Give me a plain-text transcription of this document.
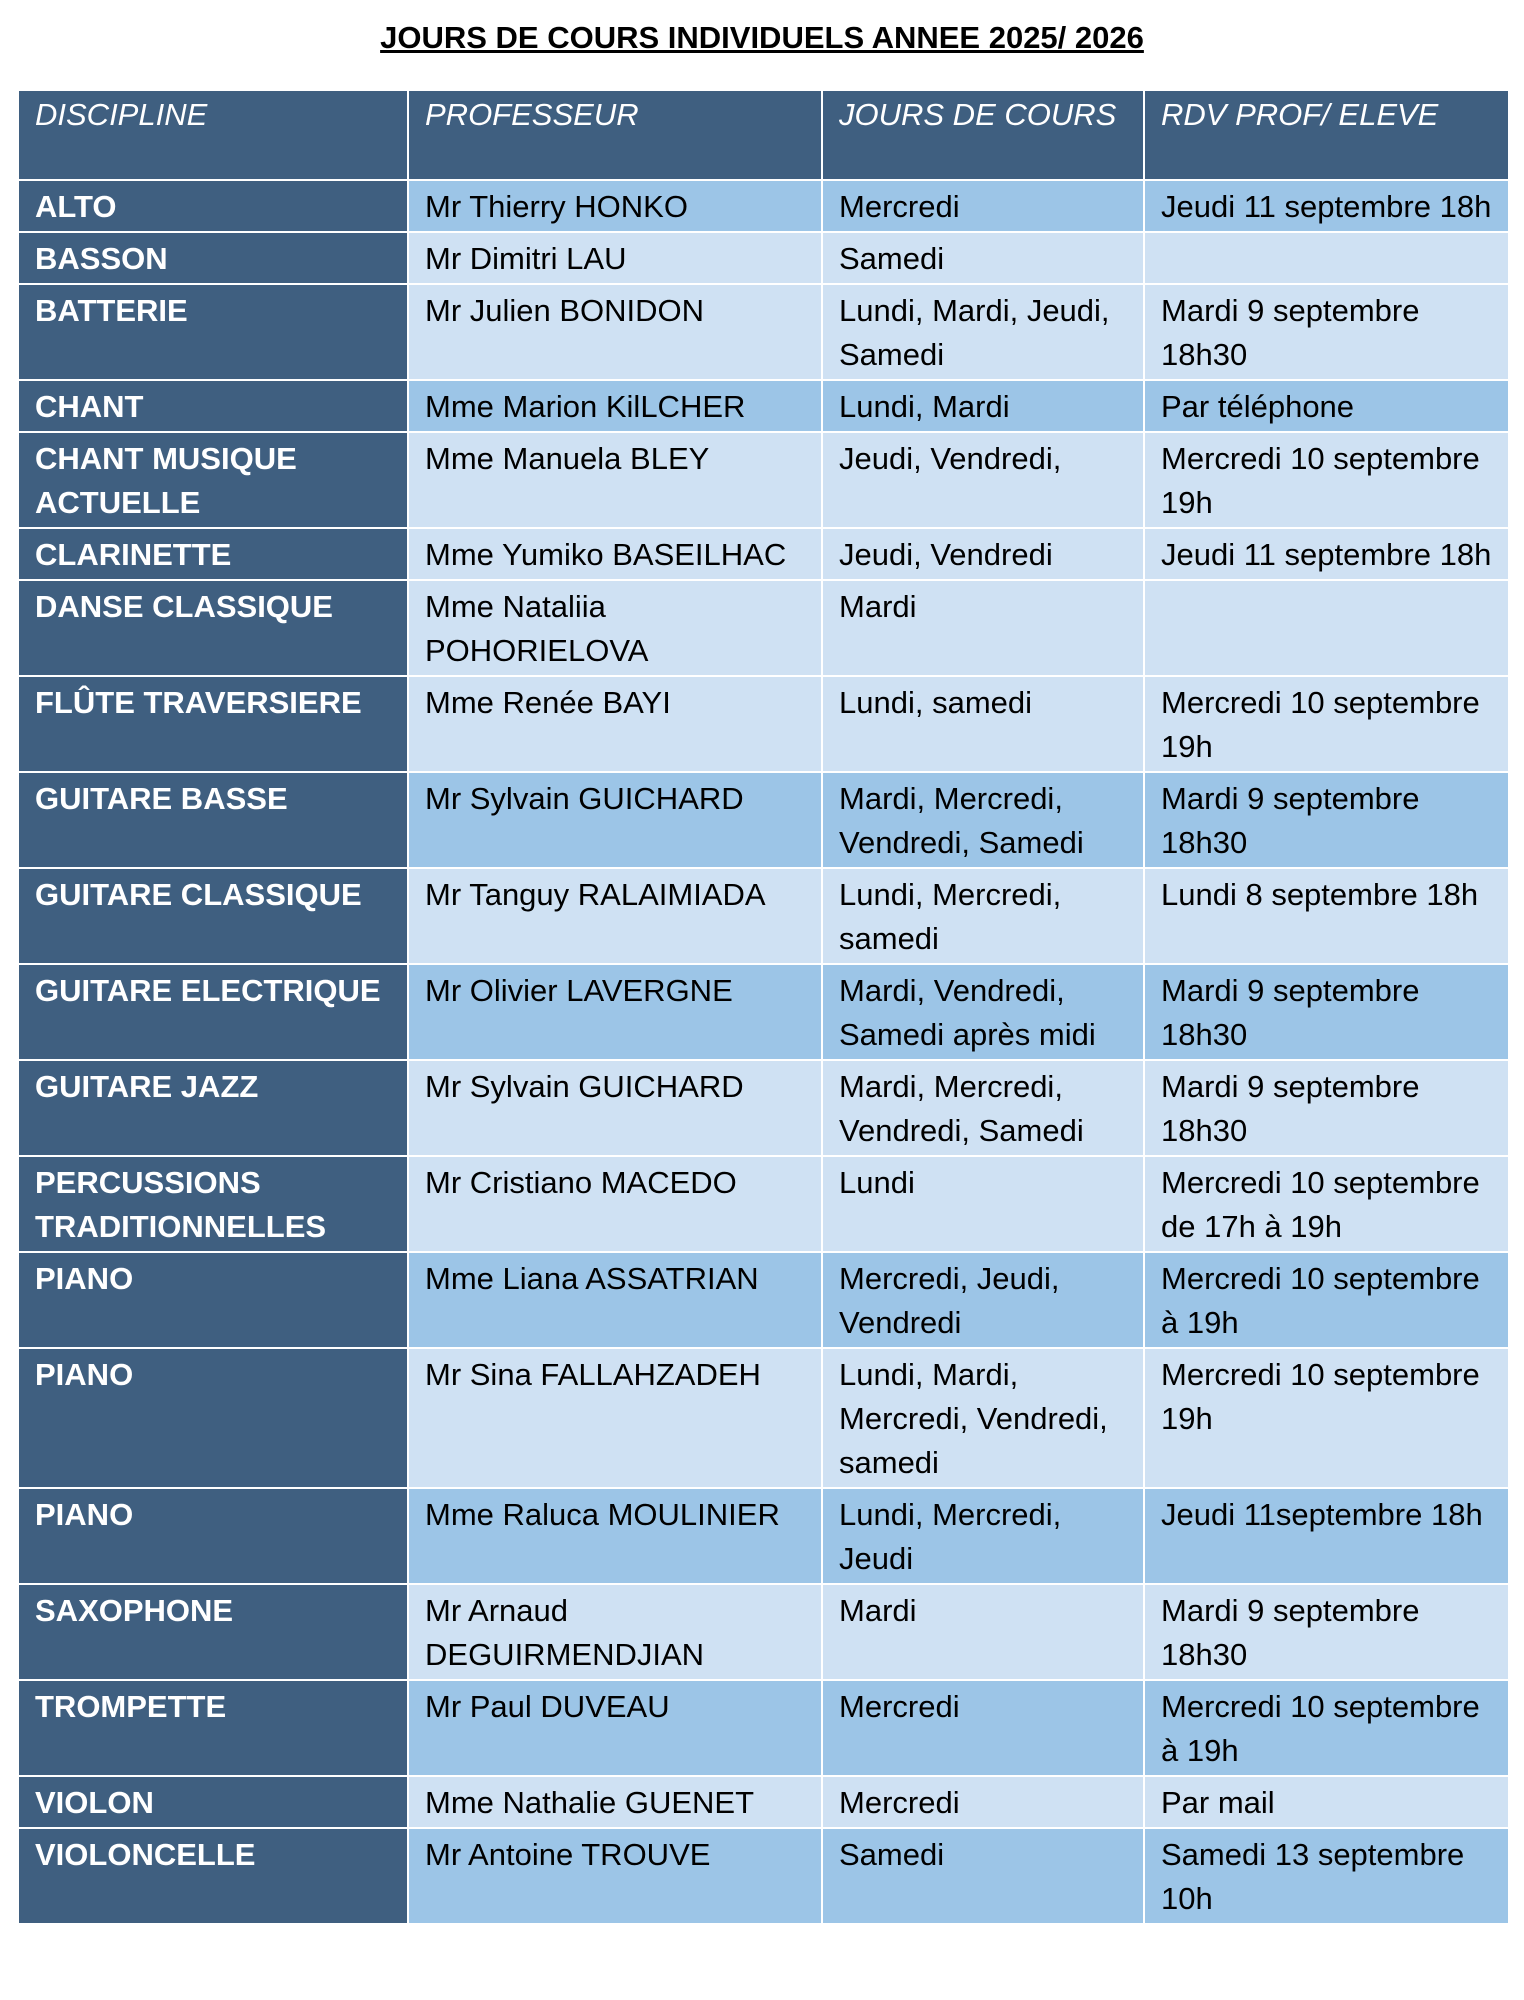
JOURS DE COURS INDIVIDUELS ANNEE 2025/ 2026
DISCIPLINE	PROFESSEUR	JOURS DE COURS	RDV PROF/ ELEVE
ALTO	Mr Thierry HONKO	Mercredi	Jeudi 11 septembre 18h
BASSON	Mr Dimitri LAU	Samedi	
BATTERIE	Mr Julien BONIDON	Lundi, Mardi, Jeudi, Samedi	Mardi 9 septembre 18h30
CHANT	Mme Marion KilLCHER	Lundi, Mardi	Par téléphone
CHANT MUSIQUE ACTUELLE	Mme Manuela BLEY	Jeudi, Vendredi,	Mercredi 10 septembre 19h
CLARINETTE	Mme Yumiko BASEILHAC	Jeudi, Vendredi	Jeudi 11 septembre 18h
DANSE CLASSIQUE	Mme Nataliia POHORIELOVA	Mardi	
FLÛTE TRAVERSIERE	Mme Renée BAYI	Lundi, samedi	Mercredi 10 septembre 19h
GUITARE BASSE	Mr Sylvain GUICHARD	Mardi, Mercredi, Vendredi, Samedi	Mardi 9 septembre 18h30
GUITARE CLASSIQUE	Mr Tanguy RALAIMIADA	Lundi, Mercredi, samedi	Lundi 8 septembre 18h
GUITARE ELECTRIQUE	Mr Olivier LAVERGNE	Mardi, Vendredi, Samedi après midi	Mardi 9 septembre 18h30
GUITARE JAZZ	Mr Sylvain GUICHARD	Mardi, Mercredi, Vendredi, Samedi	Mardi 9 septembre 18h30
PERCUSSIONS TRADITIONNELLES	Mr Cristiano MACEDO	Lundi	Mercredi 10 septembre de 17h à 19h
PIANO	Mme Liana ASSATRIAN	Mercredi, Jeudi, Vendredi	Mercredi 10 septembre à 19h
PIANO	Mr Sina FALLAHZADEH	Lundi, Mardi, Mercredi, Vendredi, samedi	Mercredi 10 septembre 19h
PIANO	Mme Raluca MOULINIER	Lundi, Mercredi, Jeudi	Jeudi 11septembre 18h
SAXOPHONE	Mr Arnaud DEGUIRMENDJIAN	Mardi	Mardi 9 septembre 18h30
TROMPETTE	Mr Paul DUVEAU	Mercredi	Mercredi 10 septembre à 19h
VIOLON	Mme Nathalie GUENET	Mercredi	Par mail
VIOLONCELLE	Mr Antoine TROUVE	Samedi	Samedi 13 septembre 10h
